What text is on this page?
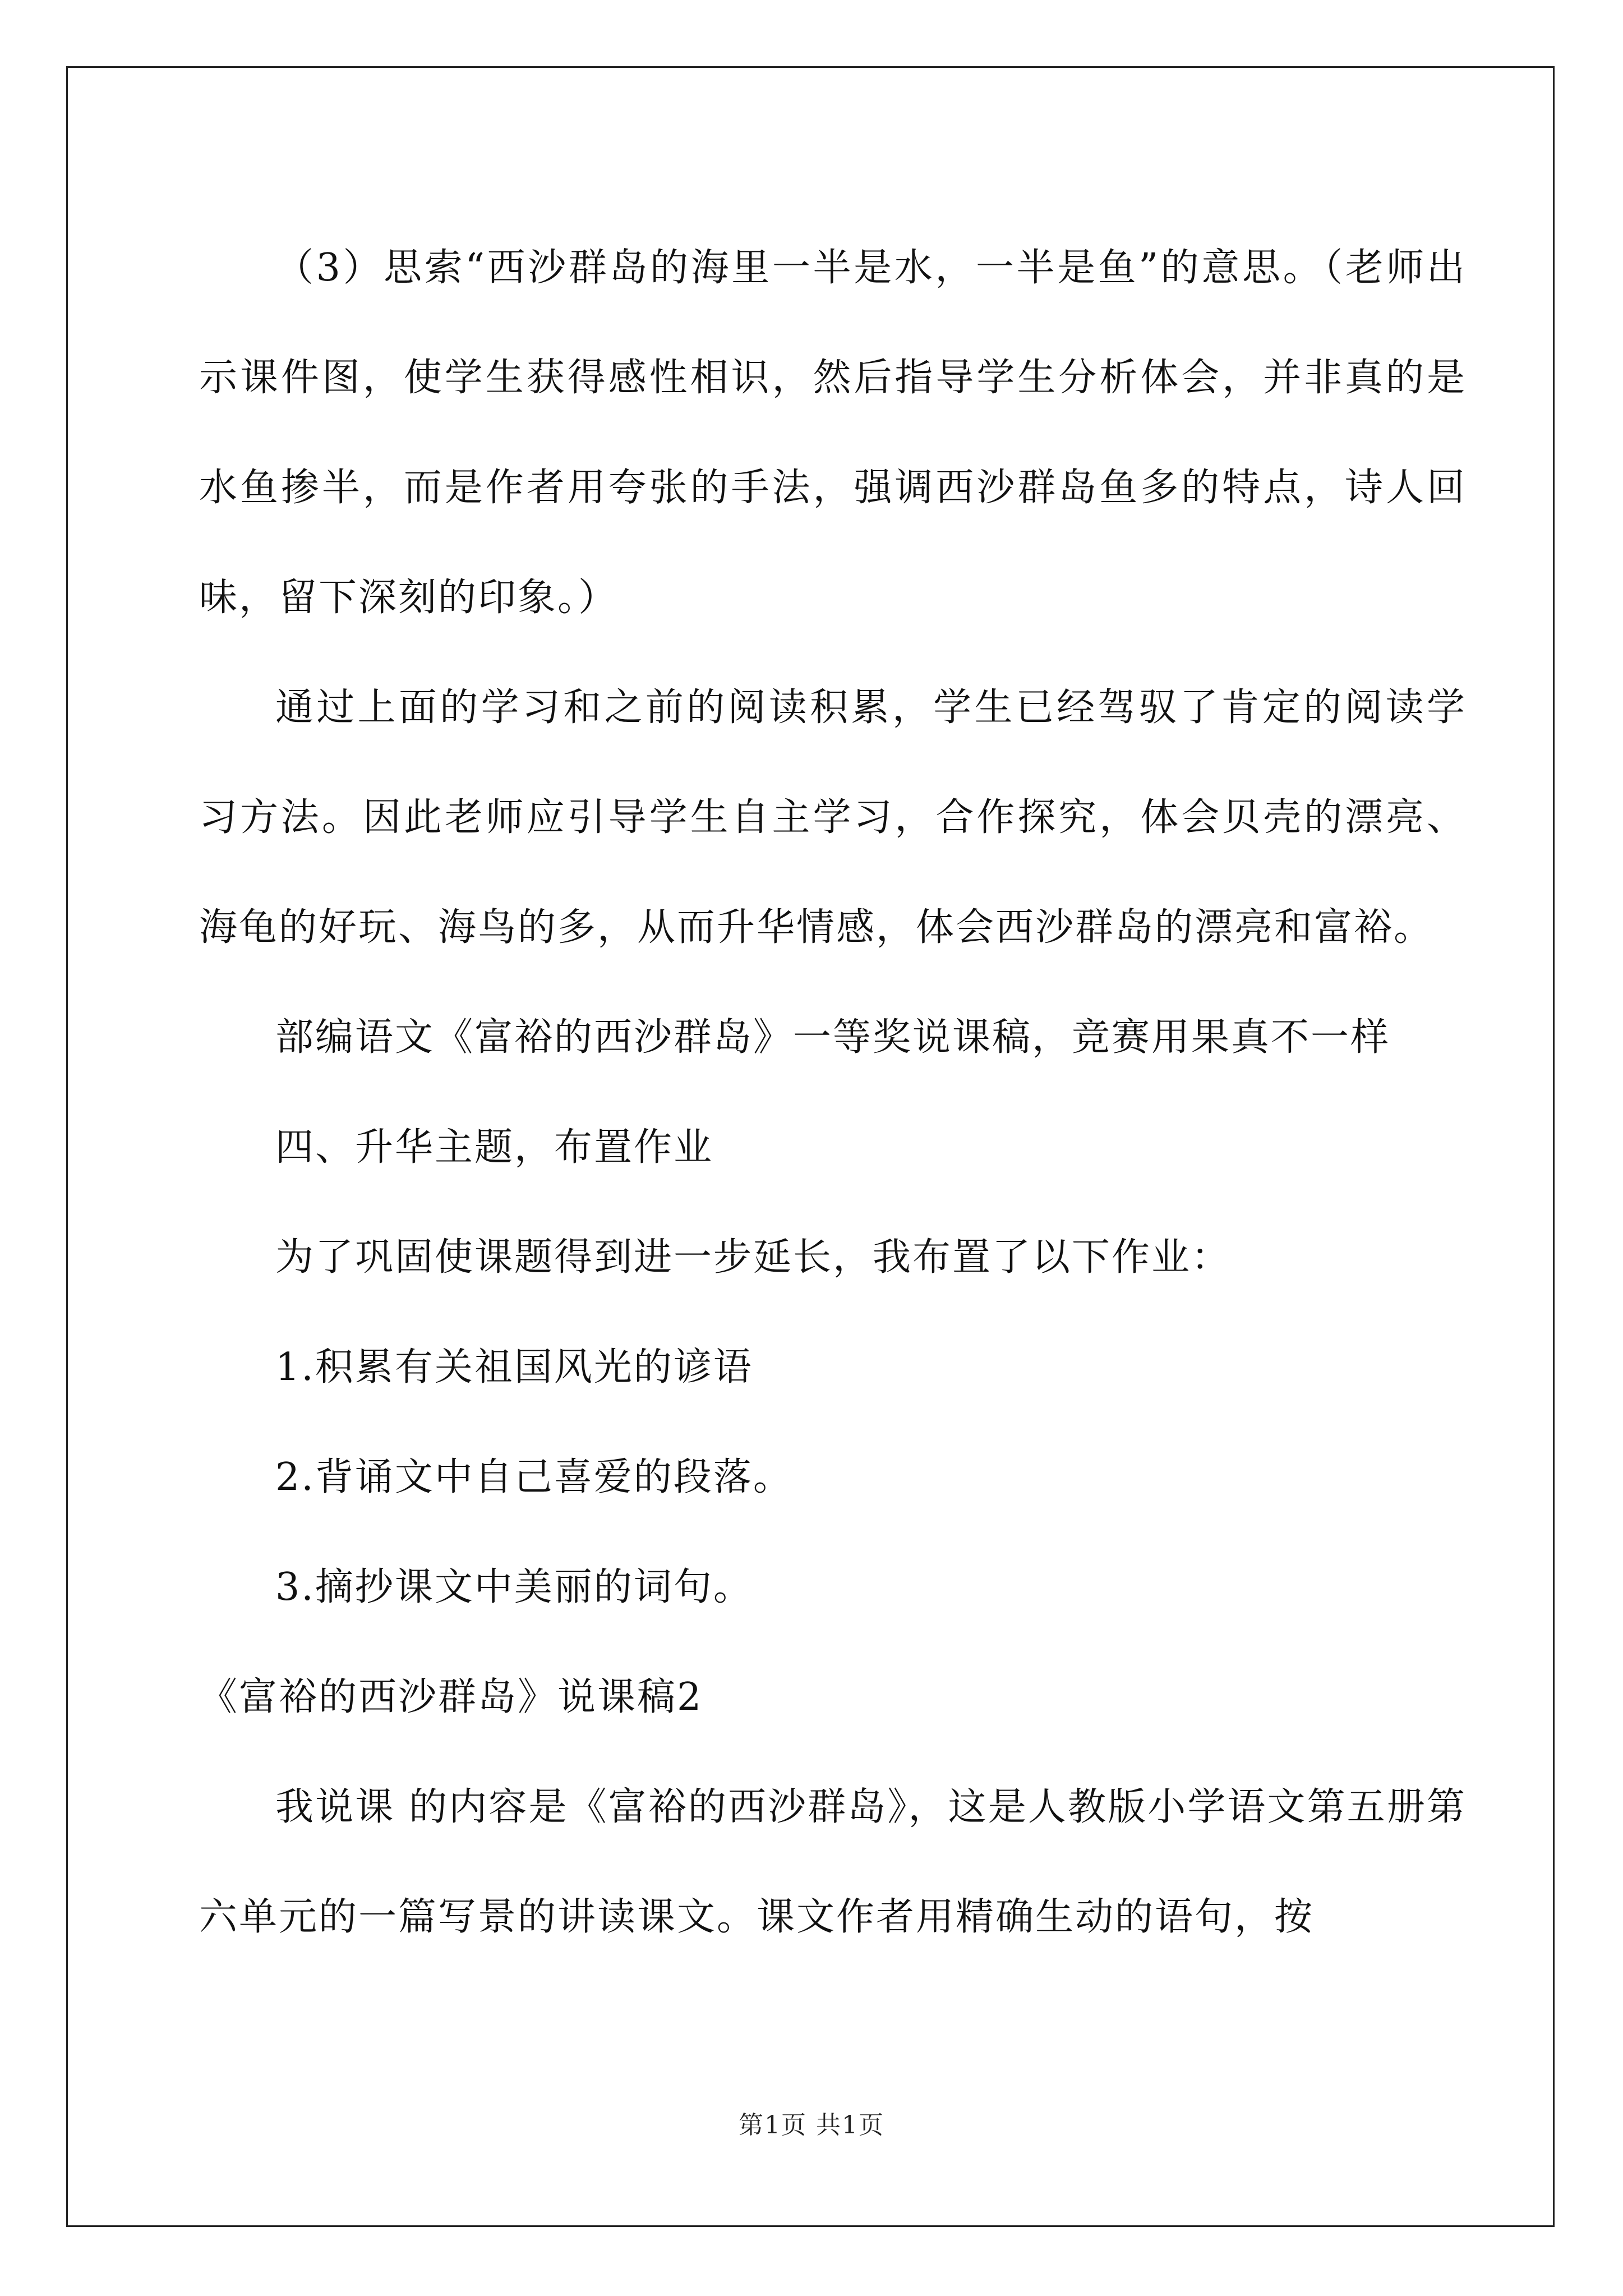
（3）思索“西沙群岛的海里一半是水，一半是鱼”的意思。（老师出示课件图，使学生获得感性相识，然后指导学生分析体会，并非真的是水鱼掺半，而是作者用夸张的手法，强调西沙群岛鱼多的特点，诗人回味，留下深刻的印象。）

通过上面的学习和之前的阅读积累，学生已经驾驭了肯定的阅读学习方法。因此老师应引导学生自主学习，合作探究，体会贝壳的漂亮、海龟的好玩、海鸟的多，从而升华情感，体会西沙群岛的漂亮和富裕。

部编语文《富裕的西沙群岛》一等奖说课稿，竞赛用果真不一样

四、升华主题，布置作业

为了巩固使课题得到进一步延长，我布置了以下作业：

1.积累有关祖国风光的谚语

2.背诵文中自己喜爱的段落。

3.摘抄课文中美丽的词句。

《富裕的西沙群岛》说课稿2

我说课 的内容是《富裕的西沙群岛》，这是人教版小学语文第五册第六单元的一篇写景的讲读课文。课文作者用精确生动的语句，按

第1页 共1页
